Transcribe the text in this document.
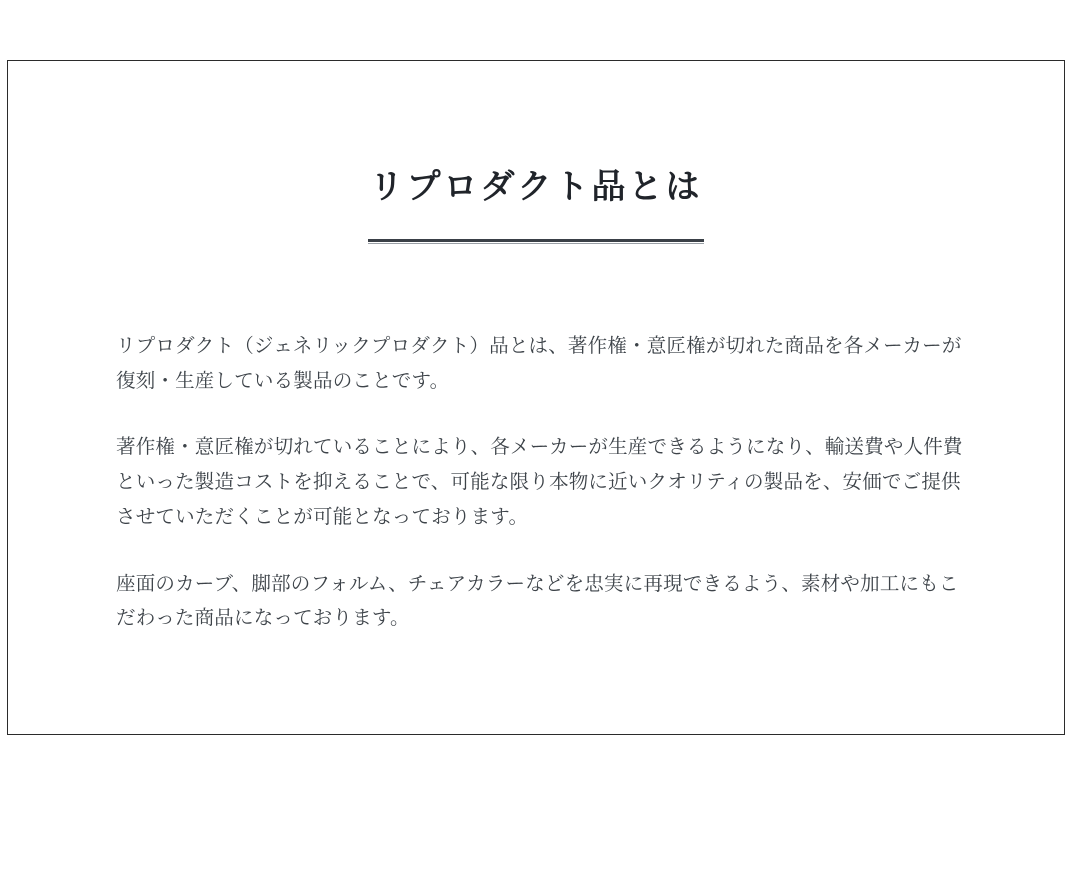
リプロダクト品とは

リプロダクト（ジェネリックプロダクト）品とは、著作権・意匠権が切れた商品を各メーカーが復刻・生産している製品のことです。

著作権・意匠権が切れていることにより、各メーカーが生産できるようになり、輸送費や人件費といった製造コストを抑えることで、可能な限り本物に近いクオリティの製品を、安価でご提供させていただくことが可能となっております。

座面のカーブ、脚部のフォルム、チェアカラーなどを忠実に再現できるよう、素材や加工にもこだわった商品になっております。
